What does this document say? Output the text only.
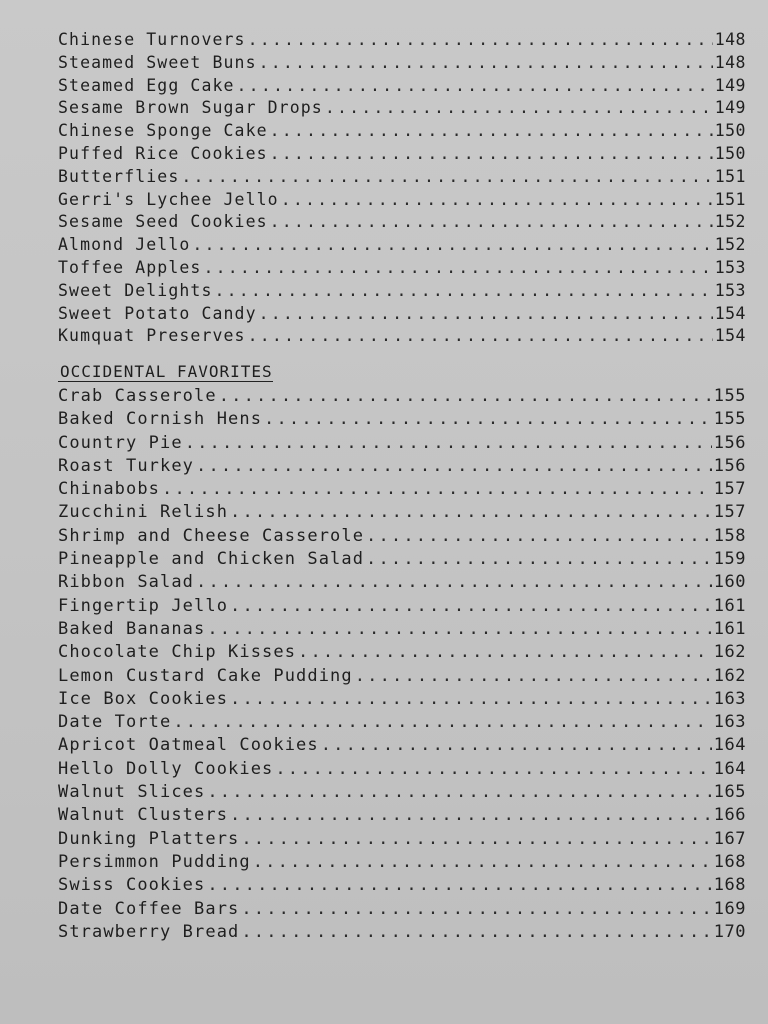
Chinese Turnovers .....	148
Steamed Sweet Buns .....	148
Steamed Egg Cake .....	149
Sesame Brown Sugar Drops .....	149
Chinese Sponge Cake .....	150
Puffed Rice Cookies .....	150
Butterflies .....	151
Gerri's Lychee Jello .....	151
Sesame Seed Cookies .....	152
Almond Jello .....	152
Toffee Apples .....	153
Sweet Delights .....	153
Sweet Potato Candy .....	154
Kumquat Preserves .....	154
OCCIDENTAL FAVORITES
Crab Casserole .....	155
Baked Cornish Hens .....	155
Country Pie .....	156
Roast Turkey .....	156
Chinabobs .....	157
Zucchini Relish .....	157
Shrimp and Cheese Casserole .....	158
Pineapple and Chicken Salad .....	159
Ribbon Salad .....	160
Fingertip Jello .....	161
Baked Bananas .....	161
Chocolate Chip Kisses .....	162
Lemon Custard Cake Pudding .....	162
Ice Box Cookies .....	163
Date Torte .....	163
Apricot Oatmeal Cookies .....	164
Hello Dolly Cookies .....	164
Walnut Slices .....	165
Walnut Clusters .....	166
Dunking Platters .....	167
Persimmon Pudding .....	168
Swiss Cookies .....	168
Date Coffee Bars .....	169
Strawberry Bread .....	170
